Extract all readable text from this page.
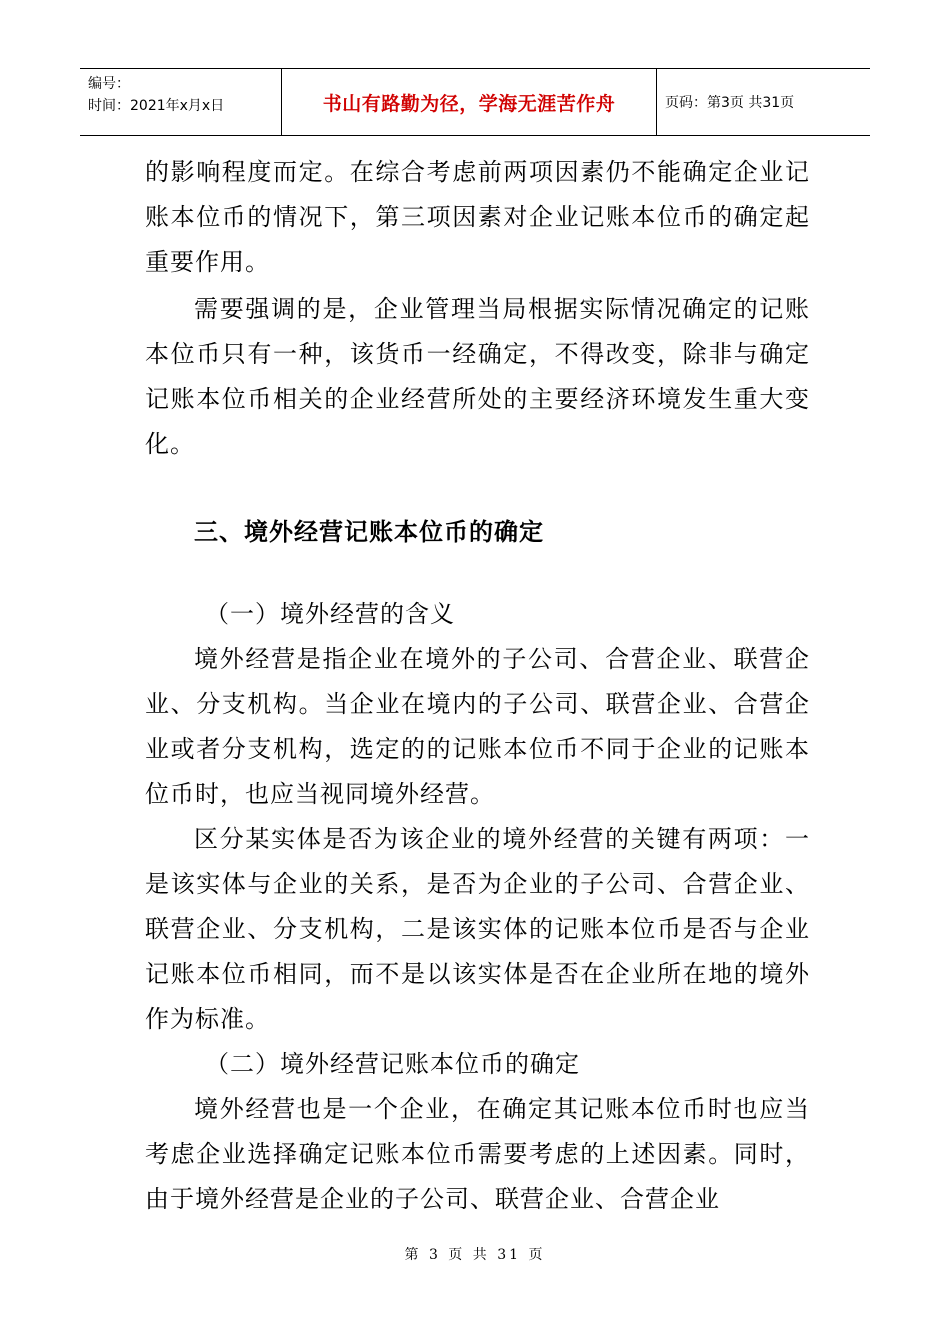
编号：
时间：2021年x月x日	书山有路勤为径，学海无涯苦作舟	页码：第3页 共31页

的影响程度而定。在综合考虑前两项因素仍不能确定企业记账本位币的情况下，第三项因素对企业记账本位币的确定起重要作用。

需要强调的是，企业管理当局根据实际情况确定的记账本位币只有一种，该货币一经确定，不得改变，除非与确定记账本位币相关的企业经营所处的主要经济环境发生重大变化。

三、境外经营记账本位币的确定

（一）境外经营的含义

境外经营是指企业在境外的子公司、合营企业、联营企业、分支机构。当企业在境内的子公司、联营企业、合营企业或者分支机构，选定的的记账本位币不同于企业的记账本位币时，也应当视同境外经营。

区分某实体是否为该企业的境外经营的关键有两项：一是该实体与企业的关系，是否为企业的子公司、合营企业、联营企业、分支机构，二是该实体的记账本位币是否与企业记账本位币相同，而不是以该实体是否在企业所在地的境外作为标准。

（二）境外经营记账本位币的确定

境外经营也是一个企业，在确定其记账本位币时也应当考虑企业选择确定记账本位币需要考虑的上述因素。同时，由于境外经营是企业的子公司、联营企业、合营企业

第 3 页 共 31 页
